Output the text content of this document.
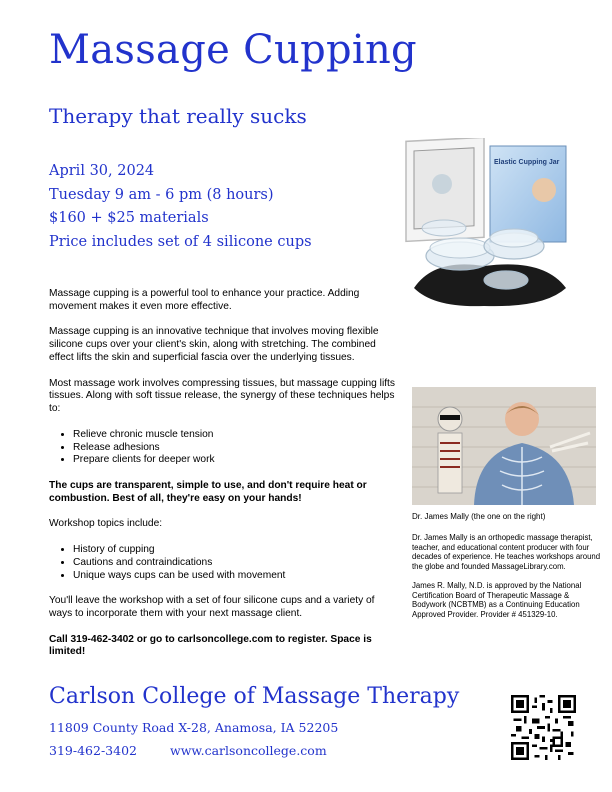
Massage Cupping
Therapy that really sucks
April 30, 2024
Tuesday 9 am - 6 pm (8 hours)
$160 + $25 materials
Price includes set of 4 silicone cups
Elastic Cupping Jar

Massage cupping is a powerful tool to enhance your practice. Adding movement makes it even more effective.

Massage cupping is an innovative technique that involves moving flexible silicone cups over your client's skin, along with stretching. The combined effect lifts the skin and superficial fascia over the underlying tissues.

Most massage work involves compressing tissues, but massage cupping lifts tissues. Along with soft tissue release, the synergy of these techniques helps to:

• Relieve chronic muscle tension
• Release adhesions
• Prepare clients for deeper work

The cups are transparent, simple to use, and don't require heat or combustion. Best of all, they're easy on your hands!

Workshop topics include:

• History of cupping
• Cautions and contraindications
• Unique ways cups can be used with movement

You'll leave the workshop with a set of four silicone cups and a variety of ways to incorporate them with your next massage client.

Call 319-462-3402 or go to carlsoncollege.com to register. Space is limited!

Dr. James Mally (the one on the right)

Dr. James Mally is an orthopedic massage therapist, teacher, and educational content producer with four decades of experience. He teaches workshops around the globe and founded MassageLibrary.com.

James R. Mally, N.D. is approved by the National Certification Board of Therapeutic Massage & Bodywork (NCBTMB) as a Continuing Education Approved Provider. Provider # 451329-10.

Carlson College of Massage Therapy
11809 County Road X-28, Anamosa, IA 52205
319-462-3402	www.carlsoncollege.com
